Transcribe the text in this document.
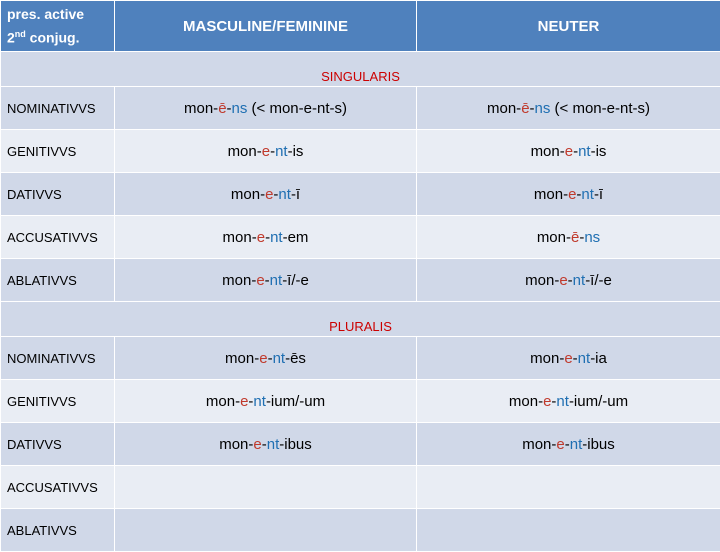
pres. active
2nd conjug.	MASCULINE/FEMININE	NEUTER
SINGULARIS		
NOMINATIVVS	mon-ē-ns (< mon-e-nt-s)	mon-ē-ns (< mon-e-nt-s)
GENITIVVS	mon-e-nt-is	mon-e-nt-is
DATIVVS	mon-e-nt-ī	mon-e-nt-ī
ACCUSATIVVS	mon-e-nt-em	mon-ē-ns
ABLATIVVS	mon-e-nt-ī/-e	mon-e-nt-ī/-e
PLURALIS		
NOMINATIVVS	mon-e-nt-ēs	mon-e-nt-ia
GENITIVVS	mon-e-nt-ium/-um	mon-e-nt-ium/-um
DATIVVS	mon-e-nt-ibus	mon-e-nt-ibus
ACCUSATIVVS		
ABLATIVVS		
